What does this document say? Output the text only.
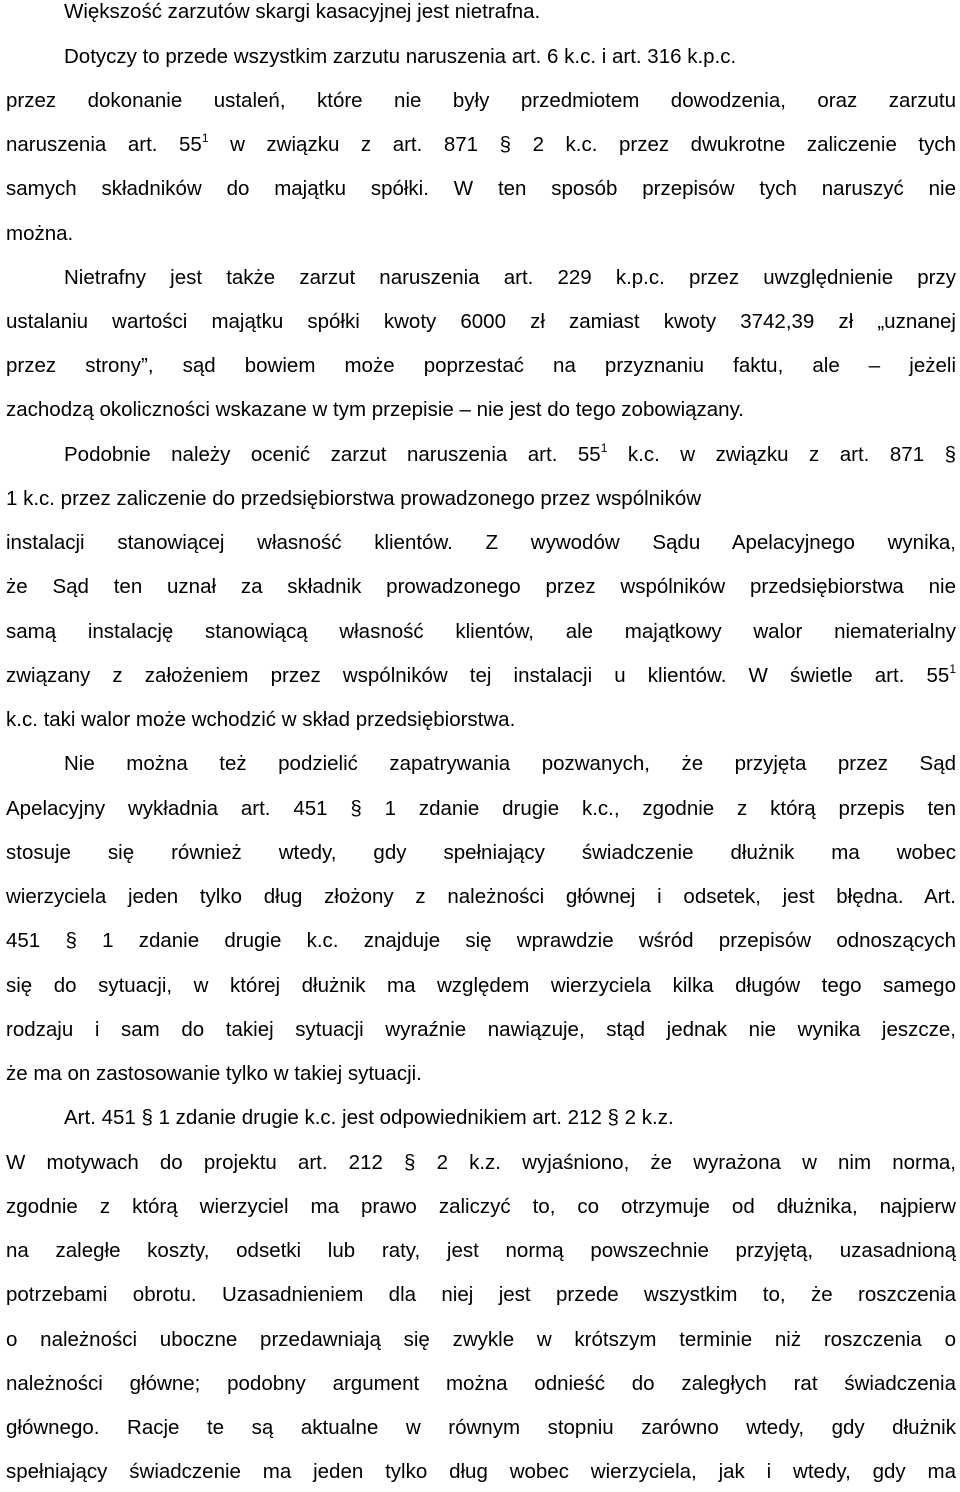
Większość zarzutów skargi kasacyjnej jest nietrafna.
Dotyczy to przede wszystkim zarzutu naruszenia art. 6 k.c. i art. 316 k.p.c.
przez dokonanie ustaleń, które nie były przedmiotem dowodzenia, oraz zarzutu
naruszenia art. $55^1$ w związku z art. 871 § 2 k.c. przez dwukrotne zaliczenie tych
samych składników do majątku spółki. W ten sposób przepisów tych naruszyć nie
można.
Nietrafny jest także zarzut naruszenia art. 229 k.p.c. przez uwzględnienie przy
ustalaniu wartości majątku spółki kwoty 6000 zł zamiast kwoty 3742,39 zł „uznanej
przez strony”, sąd bowiem może poprzestać na przyznaniu faktu, ale – jeżeli
zachodzą okoliczności wskazane w tym przepisie – nie jest do tego zobowiązany.
Podobnie należy ocenić zarzut naruszenia art. $55^1$ k.c. w związku z art. 871 §
1 k.c. przez zaliczenie do przedsiębiorstwa prowadzonego przez wspólników
instalacji stanowiącej własność klientów. Z wywodów Sądu Apelacyjnego wynika,
że Sąd ten uznał za składnik prowadzonego przez wspólników przedsiębiorstwa nie
samą instalację stanowiącą własność klientów, ale majątkowy walor niematerialny
związany z założeniem przez wspólników tej instalacji u klientów. W świetle art. $55^1$
k.c. taki walor może wchodzić w skład przedsiębiorstwa.
Nie można też podzielić zapatrywania pozwanych, że przyjęta przez Sąd
Apelacyjny wykładnia art. 451 § 1 zdanie drugie k.c., zgodnie z którą przepis ten
stosuje się również wtedy, gdy spełniający świadczenie dłużnik ma wobec
wierzyciela jeden tylko dług złożony z należności głównej i odsetek, jest błędna. Art.
451 § 1 zdanie drugie k.c. znajduje się wprawdzie wśród przepisów odnoszących
się do sytuacji, w której dłużnik ma względem wierzyciela kilka długów tego samego
rodzaju i sam do takiej sytuacji wyraźnie nawiązuje, stąd jednak nie wynika jeszcze,
że ma on zastosowanie tylko w takiej sytuacji.
Art. 451 § 1 zdanie drugie k.c. jest odpowiednikiem art. 212 § 2 k.z.
W motywach do projektu art. 212 § 2 k.z. wyjaśniono, że wyrażona w nim norma,
zgodnie z którą wierzyciel ma prawo zaliczyć to, co otrzymuje od dłużnika, najpierw
na zaległe koszty, odsetki lub raty, jest normą powszechnie przyjętą, uzasadnioną
potrzebami obrotu. Uzasadnieniem dla niej jest przede wszystkim to, że roszczenia
o należności uboczne przedawniają się zwykle w krótszym terminie niż roszczenia o
należności główne; podobny argument można odnieść do zaległych rat świadczenia
głównego. Racje te są aktualne w równym stopniu zarówno wtedy, gdy dłużnik
spełniający świadczenie ma jeden tylko dług wobec wierzyciela, jak i wtedy, gdy ma
